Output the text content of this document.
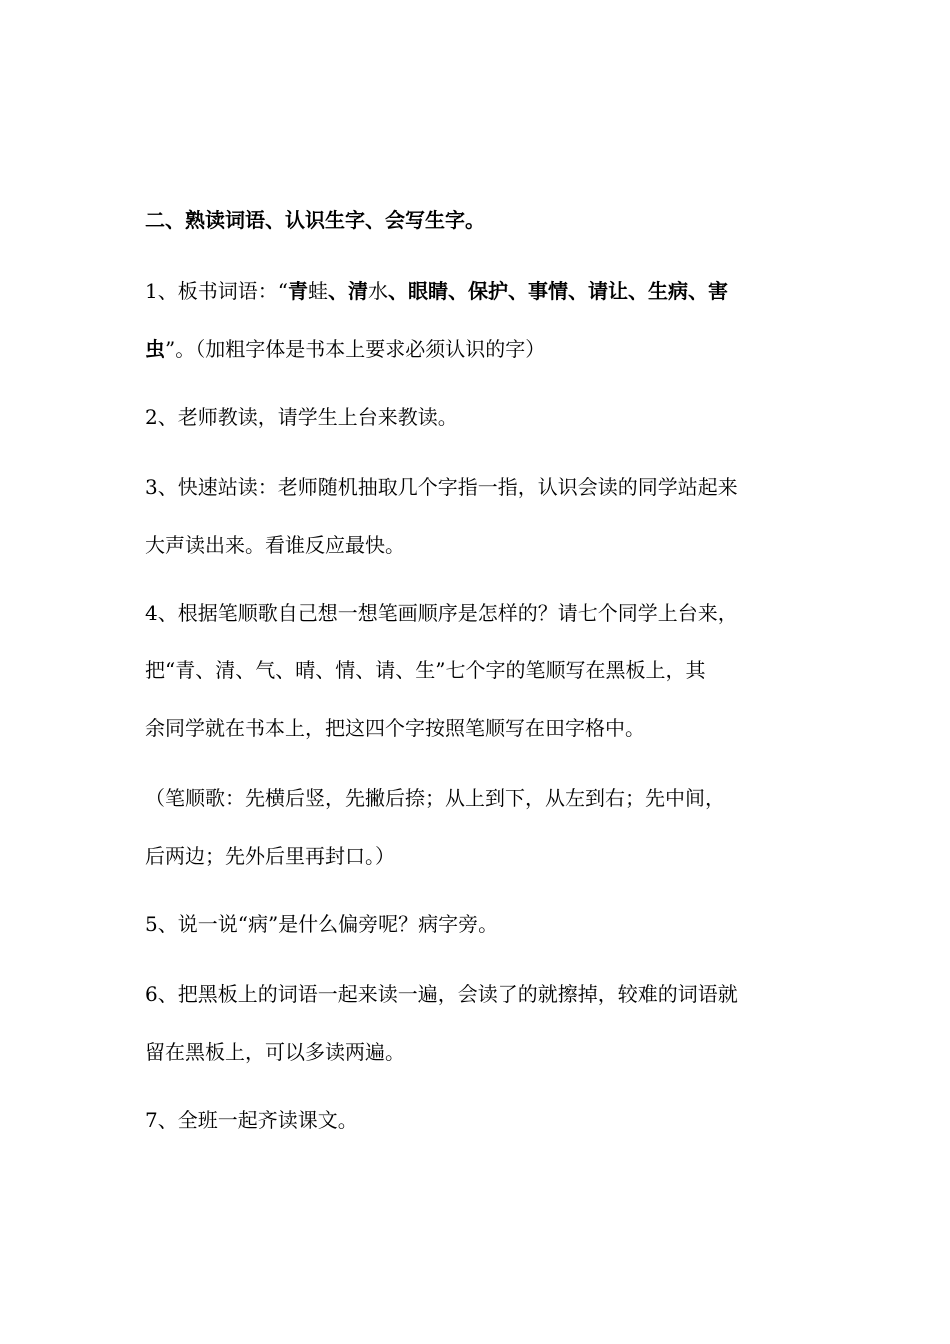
二、熟读词语、认识生字、会写生字。
1、板书词语：“青蛙、清水、眼睛、保护、事情、请让、生病、害
虫”。（加粗字体是书本上要求必须认识的字）
2、老师教读，请学生上台来教读。
3、快速站读：老师随机抽取几个字指一指，认识会读的同学站起来
大声读出来。看谁反应最快。
4、根据笔顺歌自己想一想笔画顺序是怎样的？请七个同学上台来，
把“青、清、气、晴、情、请、生”七个字的笔顺写在黑板上，其
余同学就在书本上，把这四个字按照笔顺写在田字格中。
（笔顺歌：先横后竖，先撇后捺；从上到下，从左到右；先中间，
后两边；先外后里再封口。）
5、说一说“病”是什么偏旁呢？病字旁。
6、把黑板上的词语一起来读一遍，会读了的就擦掉，较难的词语就
留在黑板上，可以多读两遍。
7、全班一起齐读课文。
